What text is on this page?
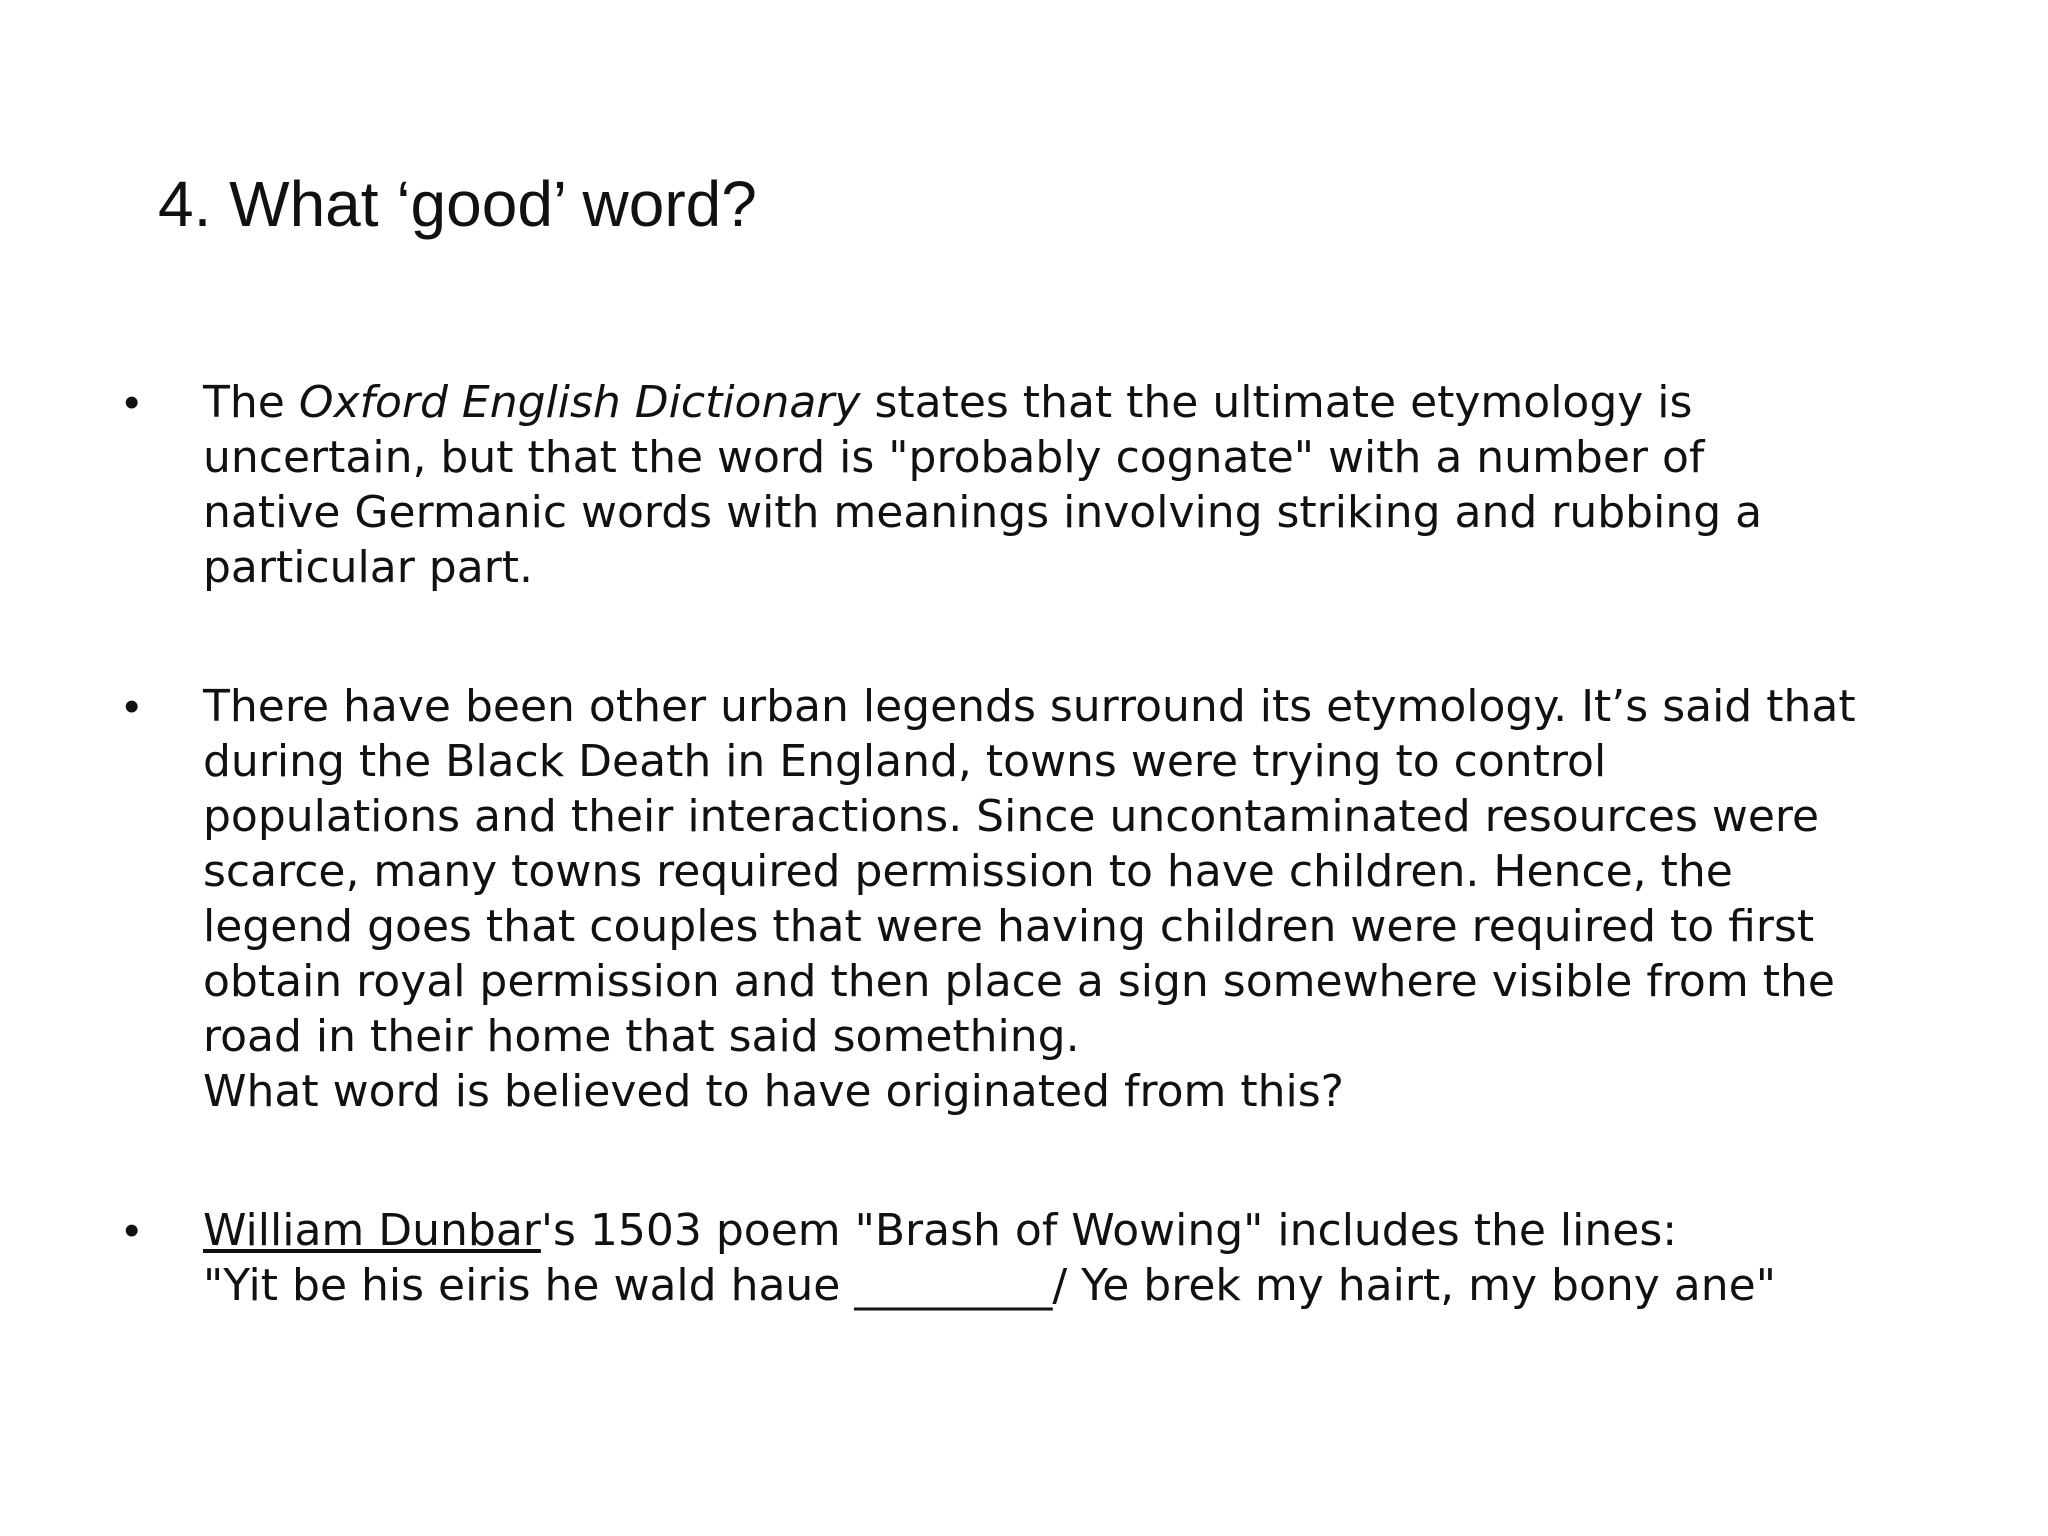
4. What ‘good’ word?
• The Oxford English Dictionary states that the ultimate etymology is
uncertain, but that the word is "probably cognate" with a number of
native Germanic words with meanings involving striking and rubbing a
particular part.
• There have been other urban legends surround its etymology. It’s said that
during the Black Death in England, towns were trying to control
populations and their interactions. Since uncontaminated resources were
scarce, many towns required permission to have children. Hence, the
legend goes that couples that were having children were required to first
obtain royal permission and then place a sign somewhere visible from the
road in their home that said something.
What word is believed to have originated from this?
• William Dunbar's 1503 poem "Brash of Wowing" includes the lines:
"Yit be his eiris he wald haue _________/ Ye brek my hairt, my bony ane"
